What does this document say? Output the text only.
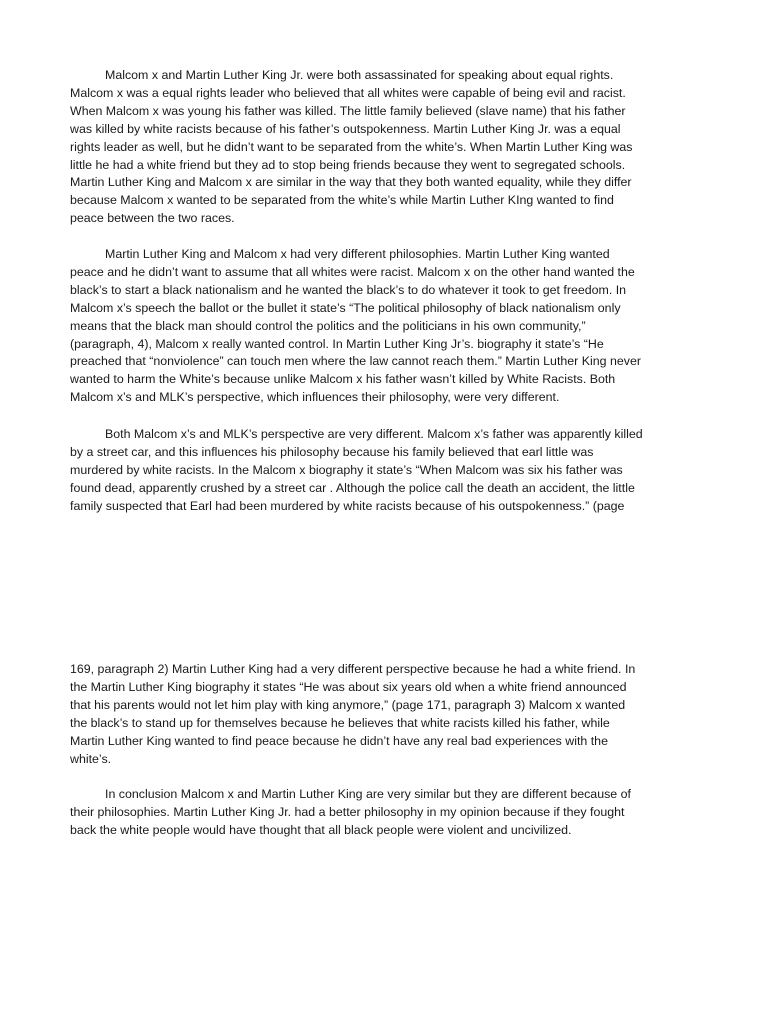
Malcom x and Martin Luther King Jr. were both assassinated for speaking about equal rights.
Malcom x was a equal rights leader who believed that all whites were capable of being evil and racist.
When Malcom x was young his father was killed. The little family believed (slave name) that his father
was killed by white racists because of his father’s outspokenness. Martin Luther King Jr. was a equal
rights leader as well, but he didn’t want to be separated from the white’s. When Martin Luther King was
little he had a white friend but they ad to stop being friends because they went to segregated schools.
Martin Luther King and Malcom x are similar in the way that they both wanted equality, while they differ
because Malcom x wanted to be separated from the white’s while Martin Luther KIng wanted to find
peace between the two races.
Martin Luther King and Malcom x had very different philosophies. Martin Luther King wanted
peace and he didn’t want to assume that all whites were racist. Malcom x on the other hand wanted the
black’s to start a black nationalism and he wanted the black’s to do whatever it took to get freedom. In
Malcom x’s speech the ballot or the bullet it state’s “The political philosophy of black nationalism only
means that the black man should control the politics and the politicians in his own community,”
(paragraph, 4), Malcom x really wanted control. In Martin Luther King Jr’s. biography it state’s “He
preached that “nonviolence” can touch men where the law cannot reach them.” Martin Luther King never
wanted to harm the White’s because unlike Malcom x his father wasn’t killed by White Racists. Both
Malcom x’s and MLK’s perspective, which influences their philosophy, were very different.
Both Malcom x’s and MLK’s perspective are very different. Malcom x’s father was apparently killed
by a street car, and this influences his philosophy because his family believed that earl little was
murdered by white racists. In the Malcom x biography it state’s “When Malcom was six his father was
found dead, apparently crushed by a street car . Although the police call the death an accident, the little
family suspected that Earl had been murdered by white racists because of his outspokenness.” (page
169, paragraph 2) Martin Luther King had a very different perspective because he had a white friend. In
the Martin Luther King biography it states “He was about six years old when a white friend announced
that his parents would not let him play with king anymore,” (page 171, paragraph 3) Malcom x wanted
the black’s to stand up for themselves because he believes that white racists killed his father, while
Martin Luther King wanted to find peace because he didn’t have any real bad experiences with the
white’s.
In conclusion Malcom x and Martin Luther King are very similar but they are different because of
their philosophies. Martin Luther King Jr. had a better philosophy in my opinion because if they fought
back the white people would have thought that all black people were violent and uncivilized.
